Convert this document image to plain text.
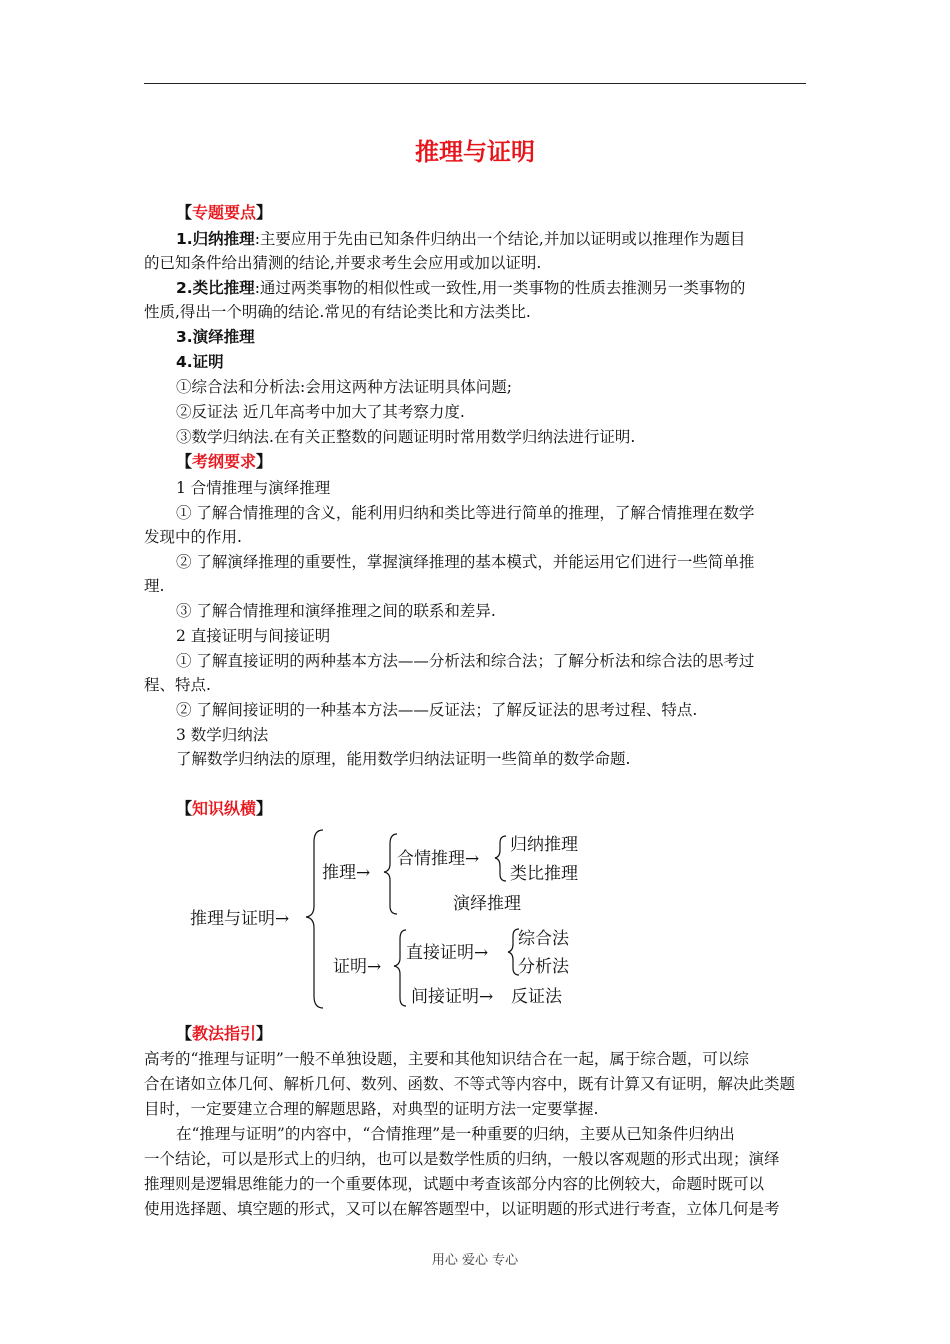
推理与证明
【专题要点】
1.归纳推理:主要应用于先由已知条件归纳出一个结论,并加以证明或以推理作为题目
的已知条件给出猜测的结论,并要求考生会应用或加以证明.
2.类比推理:通过两类事物的相似性或一致性,用一类事物的性质去推测另一类事物的
性质,得出一个明确的结论.常见的有结论类比和方法类比.
3.演绎推理
4.证明
①综合法和分析法:会用这两种方法证明具体问题;
②反证法 近几年高考中加大了其考察力度.
③数学归纳法.在有关正整数的问题证明时常用数学归纳法进行证明.
【考纲要求】
1 合情推理与演绎推理
① 了解合情推理的含义，能利用归纳和类比等进行简单的推理，了解合情推理在数学
发现中的作用.
② 了解演绎推理的重要性，掌握演绎推理的基本模式，并能运用它们进行一些简单推
理.
③ 了解合情推理和演绎推理之间的联系和差异.
2 直接证明与间接证明
① 了解直接证明的两种基本方法——分析法和综合法；了解分析法和综合法的思考过
程、特点.
② 了解间接证明的一种基本方法——反证法；了解反证法的思考过程、特点.
3 数学归纳法
了解数学归纳法的原理，能用数学归纳法证明一些简单的数学命题.
【知识纵横】
推理与证明→
推理→
合情推理→
归纳推理
类比推理
演绎推理
证明→
直接证明→
综合法
分析法
间接证明→ 反证法
【教法指引】
高考的“推理与证明”一般不单独设题，主要和其他知识结合在一起，属于综合题，可以综
合在诸如立体几何、解析几何、数列、函数、不等式等内容中，既有计算又有证明，解决此类题
目时，一定要建立合理的解题思路，对典型的证明方法一定要掌握.
在“推理与证明”的内容中，“合情推理”是一种重要的归纳，主要从已知条件归纳出
一个结论，可以是形式上的归纳，也可以是数学性质的归纳，一般以客观题的形式出现；演绎
推理则是逻辑思维能力的一个重要体现，试题中考查该部分内容的比例较大，命题时既可以
使用选择题、填空题的形式，又可以在解答题型中，以证明题的形式进行考查，立体几何是考
用心 爱心 专心
